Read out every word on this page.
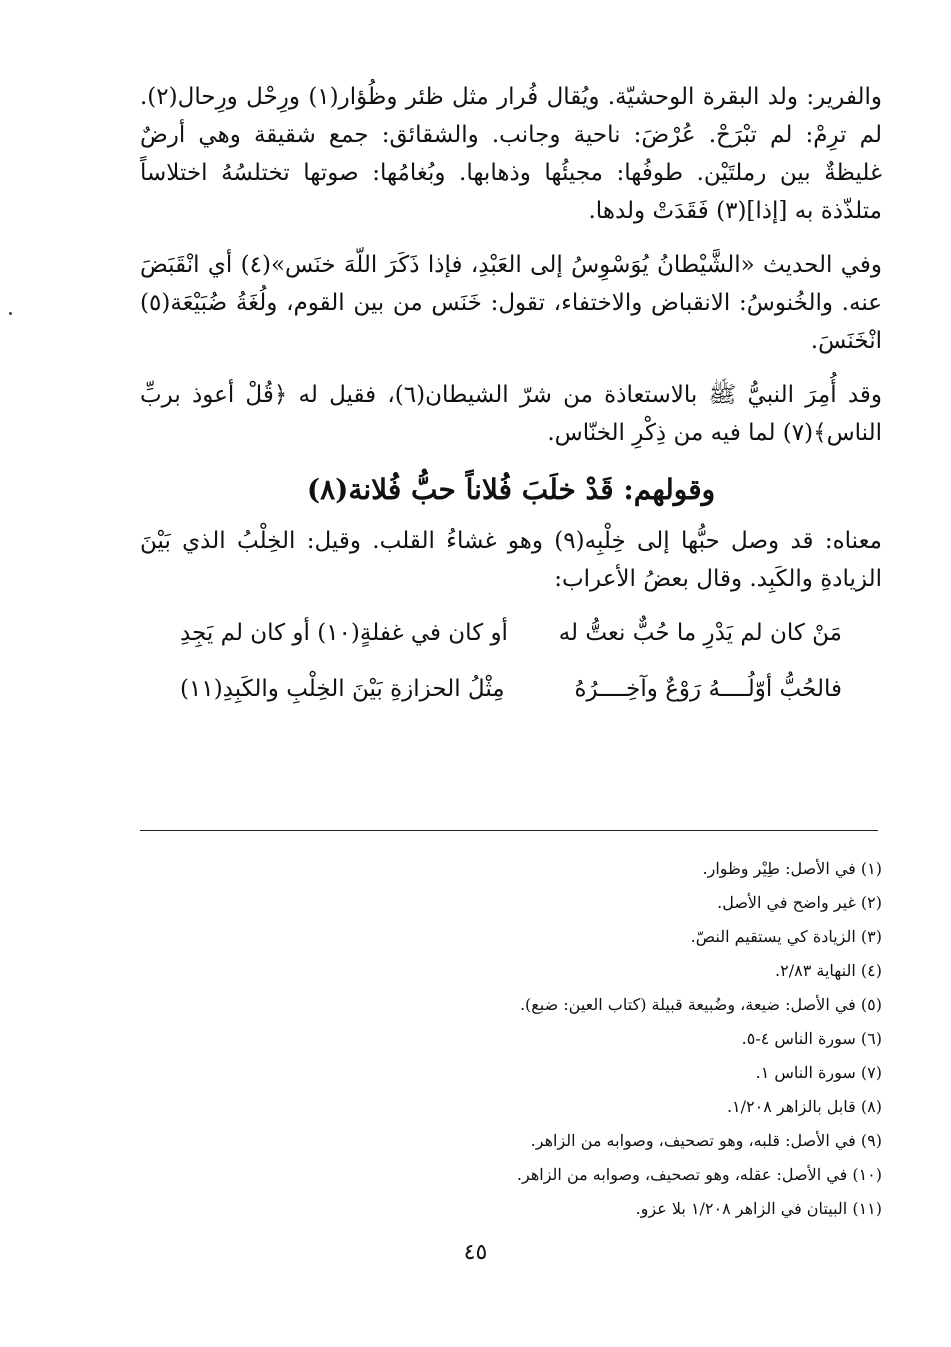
والفرير: ولد البقرة الوحشيّة. ويُقال فُرار مثل ظئر وظُؤار(١) ورِحْل ورِحال(٢). لم ترِمْ: لم تبْرَحْ. عُرْضَ: ناحية وجانب. والشقائق: جمع شقيقة وهي أرضٌ غليظةٌ بين رملتَيْن. طوفُها: مجيئُها وذهابها. وبُغامُها: صوتها تختلسُهُ اختلاساً متلذّذة به [إذا](٣) فَقَدَتْ ولدها.

وفي الحديث «الشَّيْطانُ يُوَسْوِسُ إلى العَبْدِ، فإذا ذَكَرَ اللّهَ خنَس»(٤) أي انْقَبَضَ عنه. والخُنوسُ: الانقباض والاختفاء، تقول: خَنَس من بين القوم، ولُغَةُ ضُبَيْعَة(٥) انْخَنَسَ.

وقد أُمِرَ النبيُّ ﷺ بالاستعاذة من شرّ الشيطان(٦)، فقيل له ﴿قُلْ أعوذ بربِّ الناس﴾(٧) لما فيه من ذِكْرِ الخنّاس.

وقولهم: قَدْ خلَبَ فُلاناً حبُّ فُلانة(٨)

معناه: قد وصل حبُّها إلى خِلْبِه(٩) وهو غشاءُ القلب. وقيل: الخِلْبُ الذي بَيْنَ الزيادةِ والكَبِد. وقال بعضُ الأعراب:

مَنْ كان لم يَدْرِ ما حُبٌّ نعتُّ له
أو كان في غفلةٍ(١٠) أو كان لم يَجِدِ
فالحُبُّ أوّلُــــهُ رَوْعٌ وآخِــــرُهُ
مِثْلُ الحزازةِ بَيْنَ الخِلْبِ والكَبِدِ(١١)
(١) في الأصل: طِيْر وظوار.
(٢) غير واضح في الأصل.
(٣) الزيادة كي يستقيم النصّ.
(٤) النهاية ٢/٨٣.
(٥) في الأصل: ضيعة، وضُبيعة قبيلة (كتاب العين: ضبع).
(٦) سورة الناس ٤-٥.
(٧) سورة الناس ١.
(٨) قابل بالزاهر ١/٢٠٨.
(٩) في الأصل: قلبه، وهو تصحيف، وصوابه من الزاهر.
(١٠) في الأصل: عقله، وهو تصحيف، وصوابه من الزاهر.
(١١) البيتان في الزاهر ١/٢٠٨ بلا عزو.
٤٥
